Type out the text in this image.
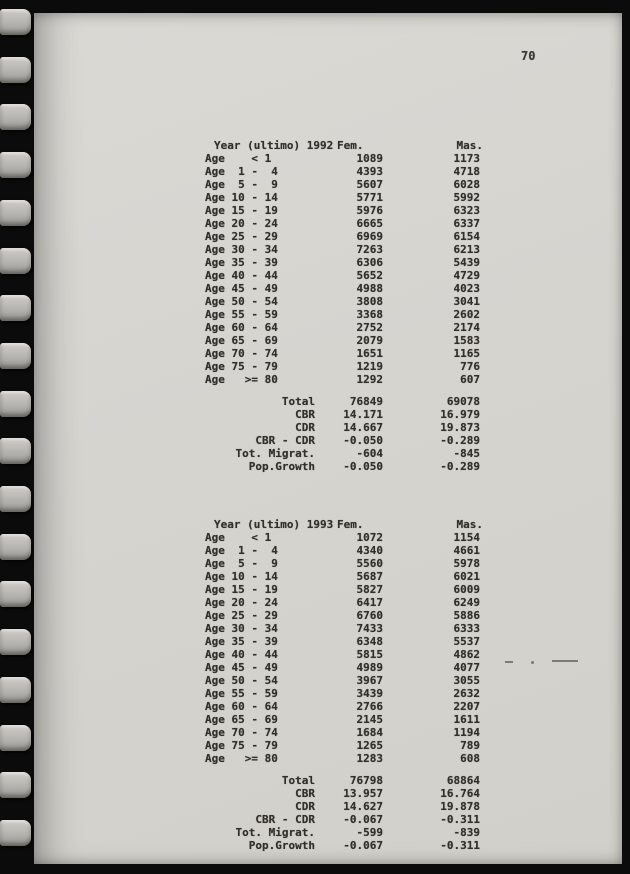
70
Year (ultimo) 1992 Fem.	Mas.
Age    < 1	1089	1173
Age  1 -  4	4393	4718
Age  5 -  9	5607	6028
Age 10 - 14	5771	5992
Age 15 - 19	5976	6323
Age 20 - 24	6665	6337
Age 25 - 29	6969	6154
Age 30 - 34	7263	6213
Age 35 - 39	6306	5439
Age 40 - 44	5652	4729
Age 45 - 49	4988	4023
Age 50 - 54	3808	3041
Age 55 - 59	3368	2602
Age 60 - 64	2752	2174
Age 65 - 69	2079	1583
Age 70 - 74	1651	1165
Age 75 - 79	1219	776
Age   >= 80	1292	607
Total	76849	69078
CBR	14.171	16.979
CDR	14.667	19.873
CBR - CDR	-0.050	-0.289
Tot. Migrat.	-604	-845
Pop.Growth	-0.050	-0.289
Year (ultimo) 1993 Fem.	Mas.
Age    < 1	1072	1154
Age  1 -  4	4340	4661
Age  5 -  9	5560	5978
Age 10 - 14	5687	6021
Age 15 - 19	5827	6009
Age 20 - 24	6417	6249
Age 25 - 29	6760	5886
Age 30 - 34	7433	6333
Age 35 - 39	6348	5537
Age 40 - 44	5815	4862
Age 45 - 49	4989	4077
Age 50 - 54	3967	3055
Age 55 - 59	3439	2632
Age 60 - 64	2766	2207
Age 65 - 69	2145	1611
Age 70 - 74	1684	1194
Age 75 - 79	1265	789
Age   >= 80	1283	608
Total	76798	68864
CBR	13.957	16.764
CDR	14.627	19.878
CBR - CDR	-0.067	-0.311
Tot. Migrat.	-599	-839
Pop.Growth	-0.067	-0.311
